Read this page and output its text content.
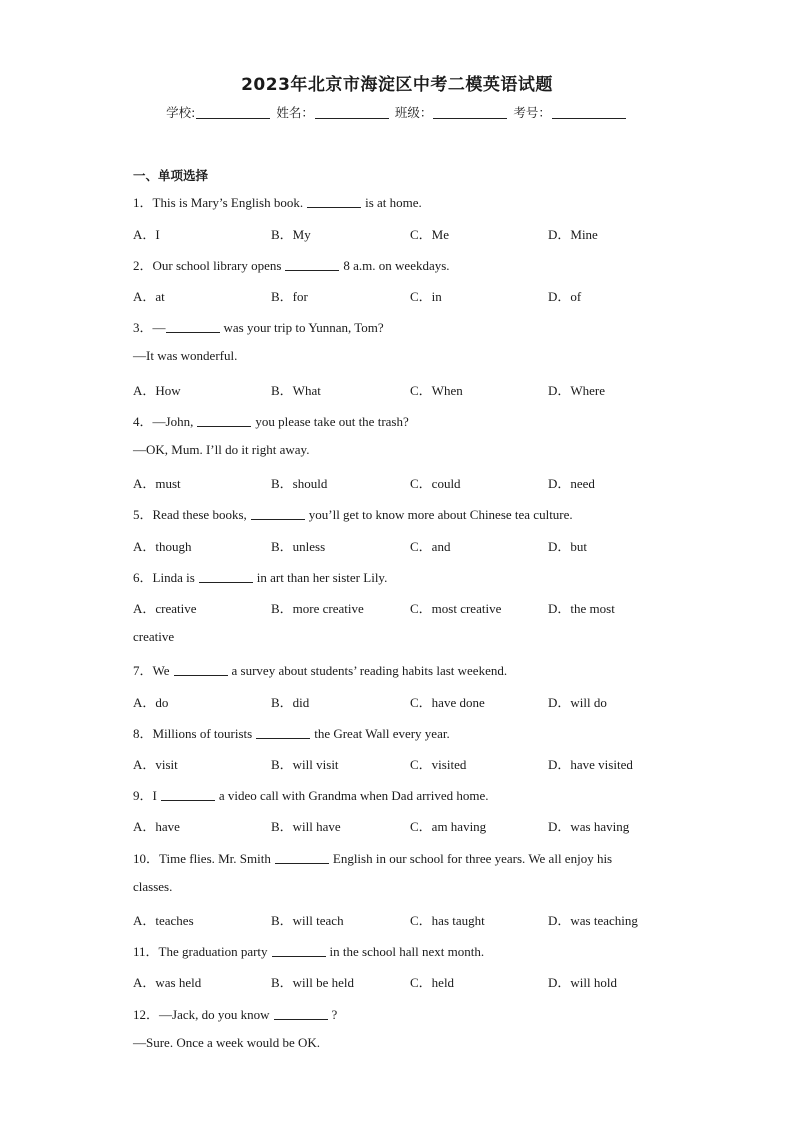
2023年北京市海淀区中考二模英语试题
学校:	姓名：	班级：	考号：
一、单项选择
1．This is Mary’s English book.	is at home.
A．I	B．My	C．Me	D．Mine
2．Our school library opens	8 a.m. on weekdays.
A．at	B．for	C．in	D．of
3．—	was your trip to Yunnan, Tom?
—It was wonderful.
A．How	B．What	C．When	D．Where
4．—John,	you please take out the trash?
—OK, Mum. I’ll do it right away.
A．must	B．should	C．could	D．need
5．Read these books,	you’ll get to know more about Chinese tea culture.
A．though	B．unless	C．and	D．but
6．Linda is	in art than her sister Lily.
A．creative	B．more creative	C．most creative	D．the most
creative
7．We	a survey about students’ reading habits last weekend.
A．do	B．did	C．have done	D．will do
8．Millions of tourists	the Great Wall every year.
A．visit	B．will visit	C．visited	D．have visited
9．I	a video call with Grandma when Dad arrived home.
A．have	B．will have	C．am having	D．was having
10．Time flies. Mr. Smith	English in our school for three years. We all enjoy his
classes.
A．teaches	B．will teach	C．has taught	D．was teaching
11．The graduation party	in the school hall next month.
A．was held	B．will be held	C．held	D．will hold
12．—Jack, do you know	?
—Sure. Once a week would be OK.
